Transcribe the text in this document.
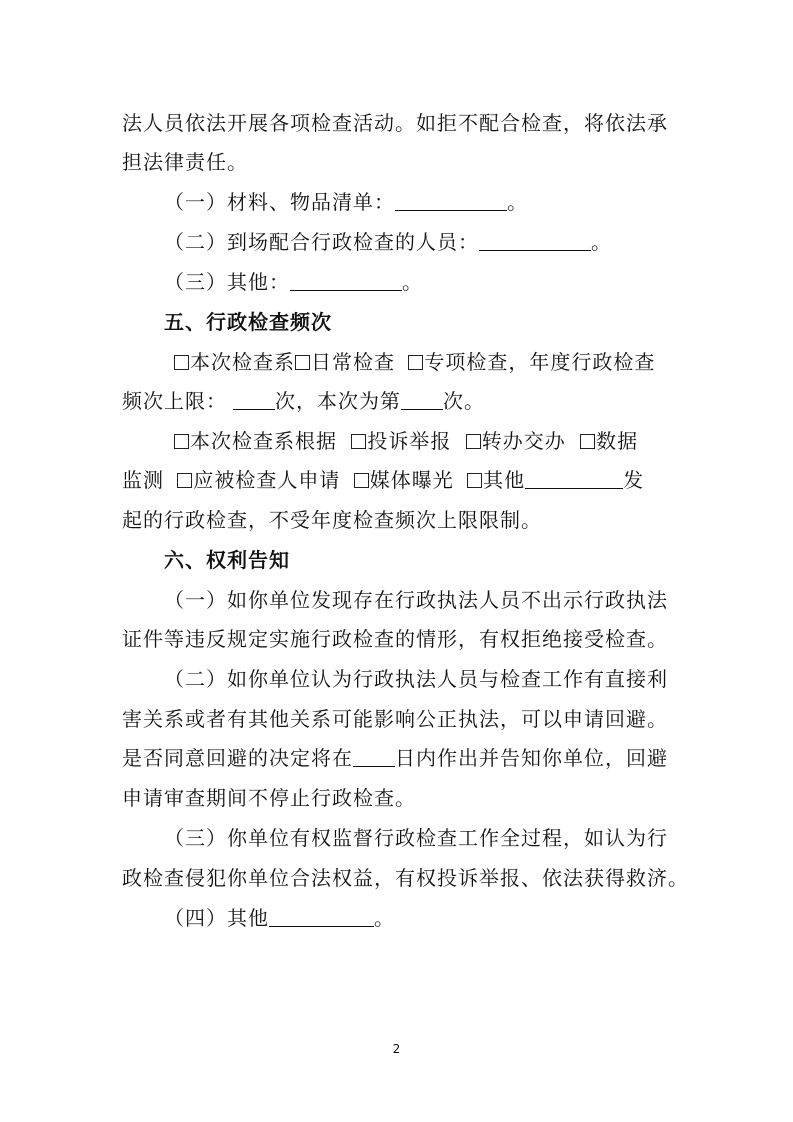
法人员依法开展各项检查活动。如拒不配合检查，将依法承
担法律责任。
（一）材料、物品清单：	。
（二）到场配合行政检查的人员：	。
（三）其他：	。
五、行政检查频次
本次检查系 日常检查 专项检查，年度行政检查
频次上限： 次，本次为第 次。
本次检查系根据 投诉举报 转办交办 数据
监测 应被检查人申请 媒体曝光 其他	发
起的行政检查，不受年度检查频次上限限制。
六、权利告知
（一）如你单位发现存在行政执法人员不出示行政执法
证件等违反规定实施行政检查的情形，有权拒绝接受检查。
（二）如你单位认为行政执法人员与检查工作有直接利
害关系或者有其他关系可能影响公正执法，可以申请回避。
是否同意回避的决定将在 日内作出并告知你单位，回避
申请审查期间不停止行政检查。
（三）你单位有权监督行政检查工作全过程，如认为行
政检查侵犯你单位合法权益，有权投诉举报、依法获得救济。
（四）其他	。
2
